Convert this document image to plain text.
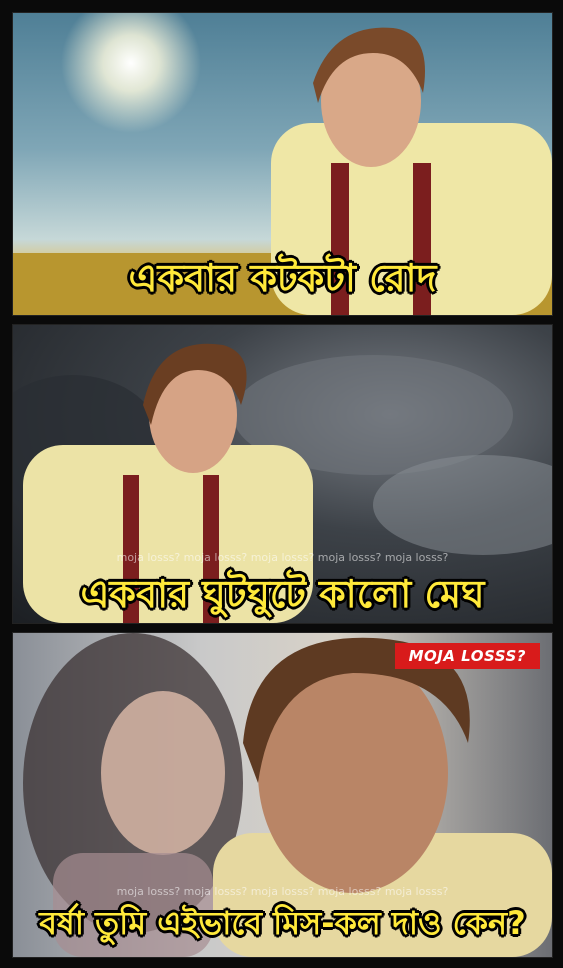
একবার কটকটা রোদ
moja losss? moja losss? moja losss? moja losss? moja losss?
একবার ঘুটঘুটে কালো মেঘ
MOJA LOSSS?
moja losss? moja losss? moja losss? moja losss? moja losss?
বর্ষা তুমি এইভাবে মিস-কল দাও কেন?
